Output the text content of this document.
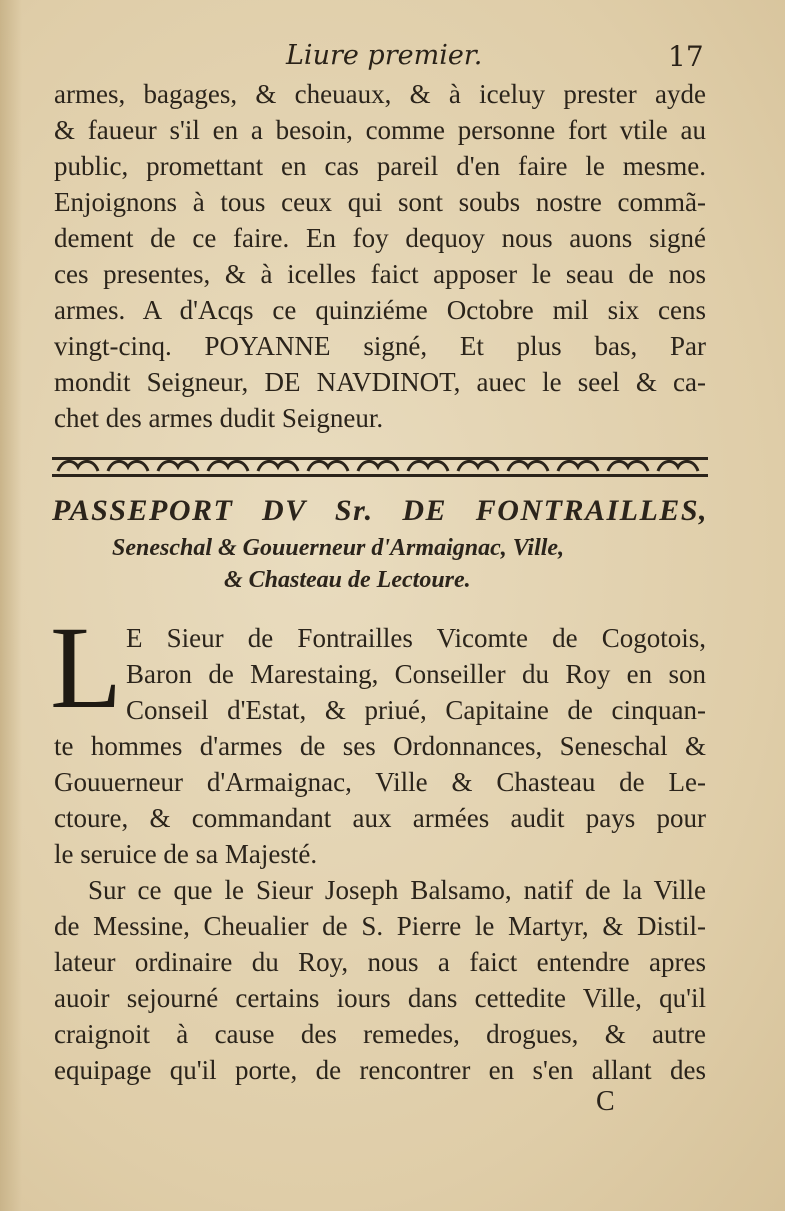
Liure premier.	17
armes, bagages, & cheuaux, & à iceluy prester ayde
& faueur s'il en a besoin, comme personne fort vtile au
public, promettant en cas pareil d'en faire le mesme.
Enjoignons à tous ceux qui sont soubs nostre commã-
dement de ce faire. En foy dequoy nous auons signé
ces presentes, & à icelles faict apposer le seau de nos
armes. A d'Acqs ce quinziéme Octobre mil six cens
vingt-cinq. POYANNE signé, Et plus bas, Par
mondit Seigneur, DE NAVDINOT, auec le seel & ca-
chet des armes dudit Seigneur.
PASSEPORT DV Sr. DE FONTRAILLES,
Seneschal & Gouuerneur d'Armaignac, Ville,
& Chasteau de Lectoure.
L E Sieur de Fontrailles Vicomte de Cogotois,
Baron de Marestaing, Conseiller du Roy en son
Conseil d'Estat, & priué, Capitaine de cinquan-
te hommes d'armes de ses Ordonnances, Seneschal &
Gouuerneur d'Armaignac, Ville & Chasteau de Le-
ctoure, & commandant aux armées audit pays pour
le seruice de sa Majesté.
Sur ce que le Sieur Joseph Balsamo, natif de la Ville
de Messine, Cheualier de S. Pierre le Martyr, & Distil-
lateur ordinaire du Roy, nous a faict entendre apres
auoir sejourné certains iours dans cettedite Ville, qu'il
craignoit à cause des remedes, drogues, & autre
equipage qu'il porte, de rencontrer en s'en allant des
C
